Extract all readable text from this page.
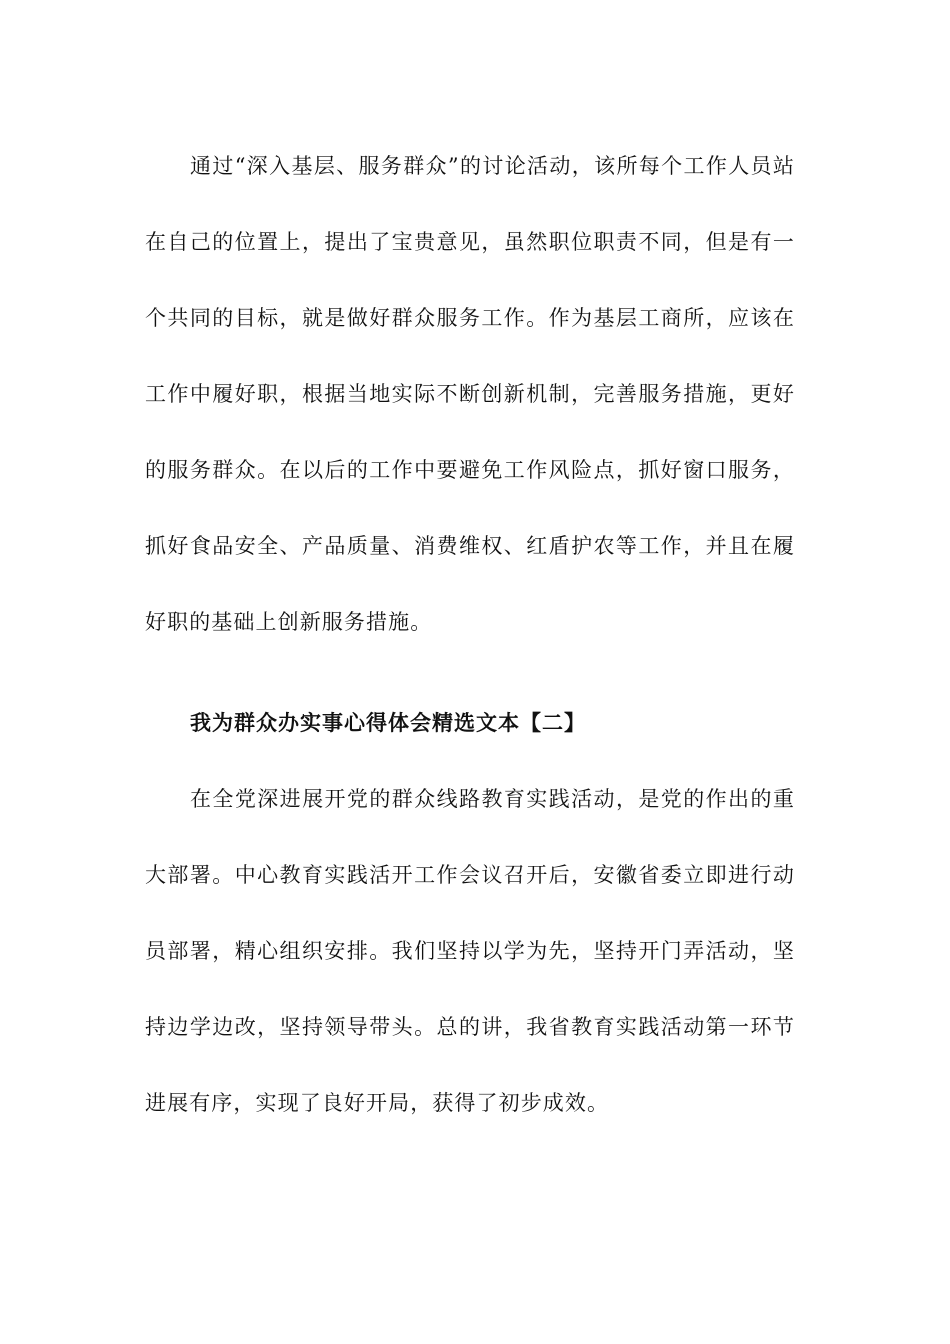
通过“深入基层、服务群众”的讨论活动，该所每个工作人员站在自己的位置上，提出了宝贵意见，虽然职位职责不同，但是有一个共同的目标，就是做好群众服务工作。作为基层工商所，应该在工作中履好职，根据当地实际不断创新机制，完善服务措施，更好的服务群众。在以后的工作中要避免工作风险点，抓好窗口服务，抓好食品安全、产品质量、消费维权、红盾护农等工作，并且在履好职的基础上创新服务措施。

我为群众办实事心得体会精选文本【二】

在全党深进展开党的群众线路教育实践活动，是党的作出的重大部署。中心教育实践活开工作会议召开后，安徽省委立即进行动员部署，精心组织安排。我们坚持以学为先，坚持开门弄活动，坚持边学边改，坚持领导带头。总的讲，我省教育实践活动第一环节进展有序，实现了良好开局，获得了初步成效。
